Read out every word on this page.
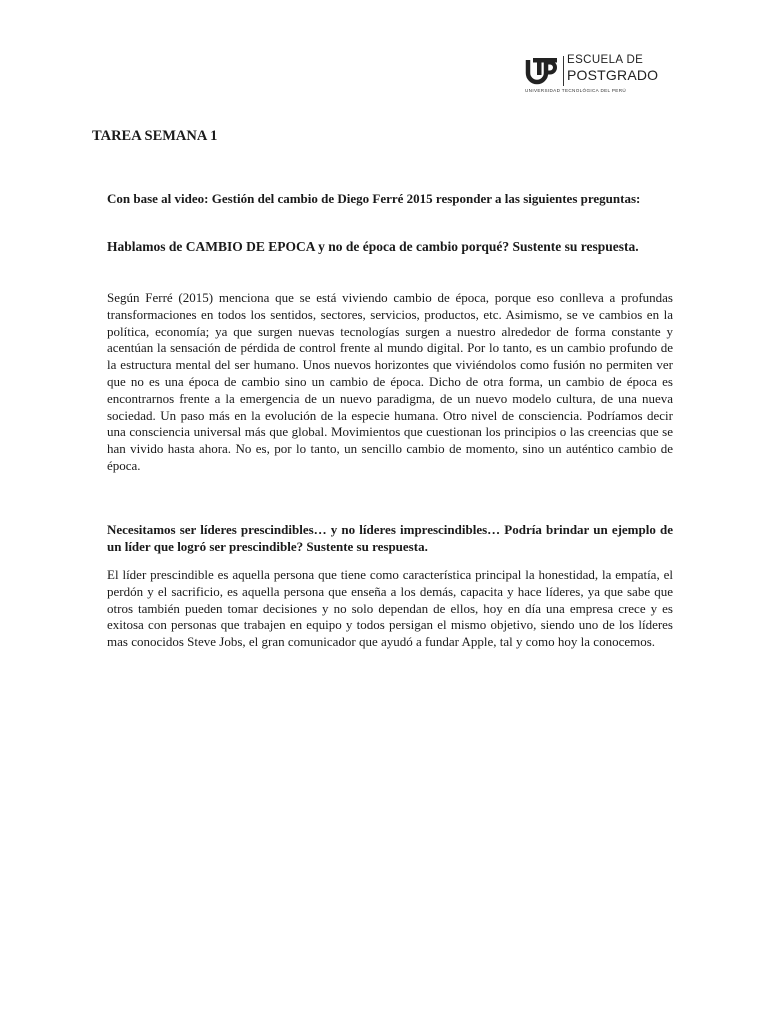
ESCUELA DE
POSTGRADO
UNIVERSIDAD TECNOLÓGICA DEL PERÚ
TAREA SEMANA 1

Con base al video: Gestión del cambio de Diego Ferré 2015 responder a las siguientes preguntas:

Hablamos de CAMBIO DE EPOCA y no de época de cambio porqué? Sustente su respuesta.

Según Ferré (2015) menciona que se está viviendo cambio de época, porque eso conlleva a profundas transformaciones en todos los sentidos, sectores, servicios, productos, etc. Asimismo, se ve cambios en la política, economía; ya que surgen nuevas tecnologías surgen a nuestro alrededor de forma constante y acentúan la sensación de pérdida de control frente al mundo digital. Por lo tanto, es un cambio profundo de la estructura mental del ser humano. Unos nuevos horizontes que viviéndolos como fusión no permiten ver que no es una época de cambio sino un cambio de época. Dicho de otra forma, un cambio de época es encontrarnos frente a la emergencia de un nuevo paradigma, de un nuevo modelo cultura, de una nueva sociedad. Un paso más en la evolución de la especie humana. Otro nivel de consciencia. Podríamos decir una consciencia universal más que global. Movimientos que cuestionan los principios o las creencias que se han vivido hasta ahora. No es, por lo tanto, un sencillo cambio de momento, sino un auténtico cambio de época.

Necesitamos ser líderes prescindibles… y no líderes imprescindibles… Podría brindar un ejemplo de un líder que logró ser prescindible? Sustente su respuesta.

El líder prescindible es aquella persona que tiene como característica principal la honestidad, la empatía, el perdón y el sacrificio, es aquella persona que enseña a los demás, capacita y hace líderes, ya que sabe que otros también pueden tomar decisiones y no solo dependan de ellos, hoy en día una empresa crece y es exitosa con personas que trabajen en equipo y todos persigan el mismo objetivo, siendo uno de los líderes mas conocidos Steve Jobs, el gran comunicador que ayudó a fundar Apple, tal y como hoy la conocemos.
